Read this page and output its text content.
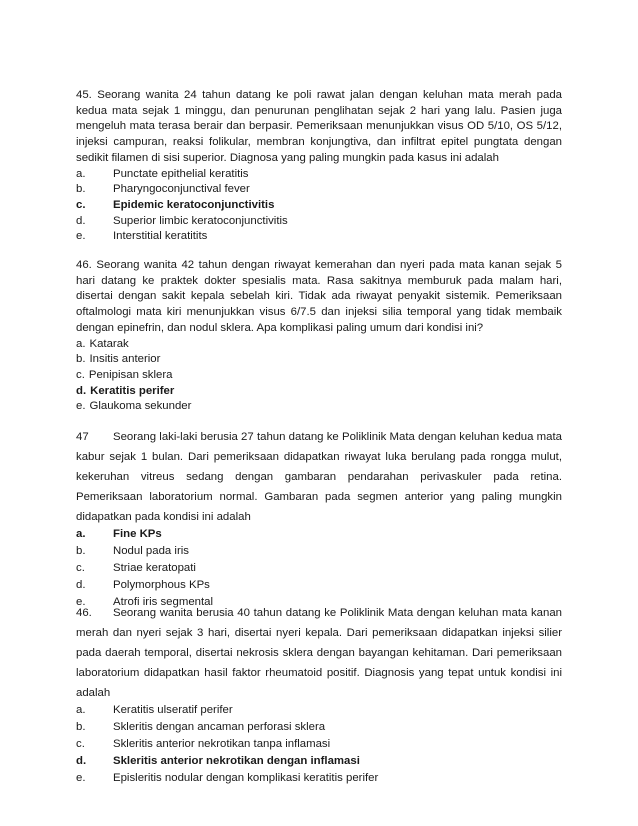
45. Seorang wanita 24 tahun datang ke poli rawat jalan dengan keluhan mata merah pada kedua mata sejak 1 minggu, dan penurunan penglihatan sejak 2 hari yang lalu. Pasien juga mengeluh mata terasa berair dan berpasir. Pemeriksaan menunjukkan visus OD 5/10, OS 5/12, injeksi campuran, reaksi folikular, membran konjungtiva, dan infiltrat epitel pungtata dengan sedikit filamen di sisi superior. Diagnosa yang paling mungkin pada kasus ini adalah

a.	Punctate epithelial keratitis
b.	Pharyngoconjunctival fever
c.	Epidemic keratoconjunctivitis
d.	Superior limbic keratoconjunctivitis
e.	Interstitial keratitits

46. Seorang wanita 42 tahun dengan riwayat kemerahan dan nyeri pada mata kanan sejak 5 hari datang ke praktek dokter spesialis mata. Rasa sakitnya memburuk pada malam hari, disertai dengan sakit kepala sebelah kiri. Tidak ada riwayat penyakit sistemik. Pemeriksaan oftalmologi mata kiri menunjukkan visus 6/7.5 dan injeksi silia temporal yang tidak membaik dengan epinefrin, dan nodul sklera. Apa komplikasi paling umum dari kondisi ini?

a. Katarak
b. Insitis anterior
c. Penipisan sklera
d. Keratitis perifer
e. Glaukoma sekunder

47 Seorang laki-laki berusia 27 tahun datang ke Poliklinik Mata dengan keluhan kedua mata kabur sejak 1 bulan. Dari pemeriksaan didapatkan riwayat luka berulang pada rongga mulut, kekeruhan vitreus sedang dengan gambaran pendarahan perivaskuler pada retina. Pemeriksaan laboratorium normal. Gambaran pada segmen anterior yang paling mungkin didapatkan pada kondisi ini adalah

a.	Fine KPs
b.	Nodul pada iris
c.	Striae keratopati
d.	Polymorphous KPs
e.	Atrofi iris segmental

46. Seorang wanita berusia 40 tahun datang ke Poliklinik Mata dengan keluhan mata kanan merah dan nyeri sejak 3 hari, disertai nyeri kepala. Dari pemeriksaan didapatkan injeksi silier pada daerah temporal, disertai nekrosis sklera dengan bayangan kehitaman. Dari pemeriksaan laboratorium didapatkan hasil faktor rheumatoid positif. Diagnosis yang tepat untuk kondisi ini adalah

a.	Keratitis ulseratif perifer
b.	Skleritis dengan ancaman perforasi sklera
c.	Skleritis anterior nekrotikan tanpa inflamasi
d.	Skleritis anterior nekrotikan dengan inflamasi
e.	Episleritis nodular dengan komplikasi keratitis perifer
